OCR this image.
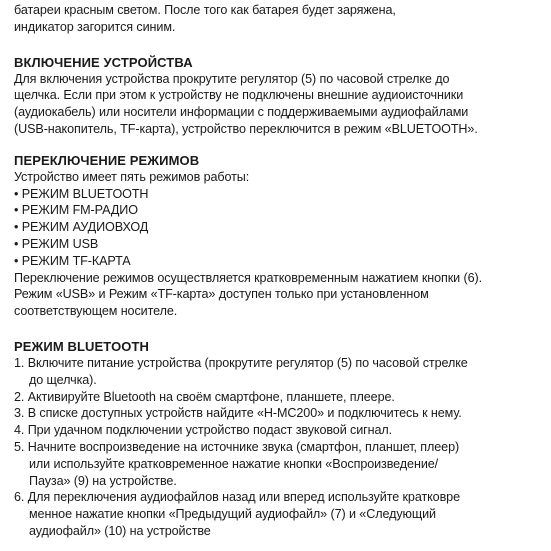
батареи красным светом. После того как батарея будет заряжена,
индикатор загорится синим.
ВКЛЮЧЕНИЕ УСТРОЙСТВА
Для включения устройства прокрутите регулятор (5) по часовой стрелке до
щелчка. Если при этом к устройству не подключены внешние аудиоисточники
(аудиокабель) или носители информации с поддерживаемыми аудиофайлами
(USB-накопитель, TF-карта), устройство переключится в режим «BLUETOOTH».
ПЕРЕКЛЮЧЕНИЕ РЕЖИМОВ
Устройство имеет пять режимов работы:
• РЕЖИМ BLUETOOTH
• РЕЖИМ FM-РАДИО
• РЕЖИМ АУДИОВХОД
• РЕЖИМ USB
• РЕЖИМ TF-КАРТА
Переключение режимов осуществляется кратковременным нажатием кнопки (6).
Режим «USB» и Режим «TF-карта» доступен только при установленном
соответствующем носителе.
РЕЖИМ BLUETOOTH
1. Включите питание устройства (прокрутите регулятор (5) по часовой стрелке
до щелчка).
2. Активируйте Bluetooth на своём смартфоне, планшете, плеере.
3. В списке доступных устройств найдите «H-MC200» и подключитесь к нему.
4. При удачном подключении устройство подаст звуковой сигнал.
5. Начните воспроизведение на источнике звука (смартфон, планшет, плеер)
или используйте кратковременное нажатие кнопки «Воспроизведение/
Пауза» (9) на устройстве.
6. Для переключения аудиофайлов назад или вперед используйте кратковре
менное нажатие кнопки «Предыдущий аудиофайл» (7) и «Следующий
аудиофайл» (10) на устройстве
